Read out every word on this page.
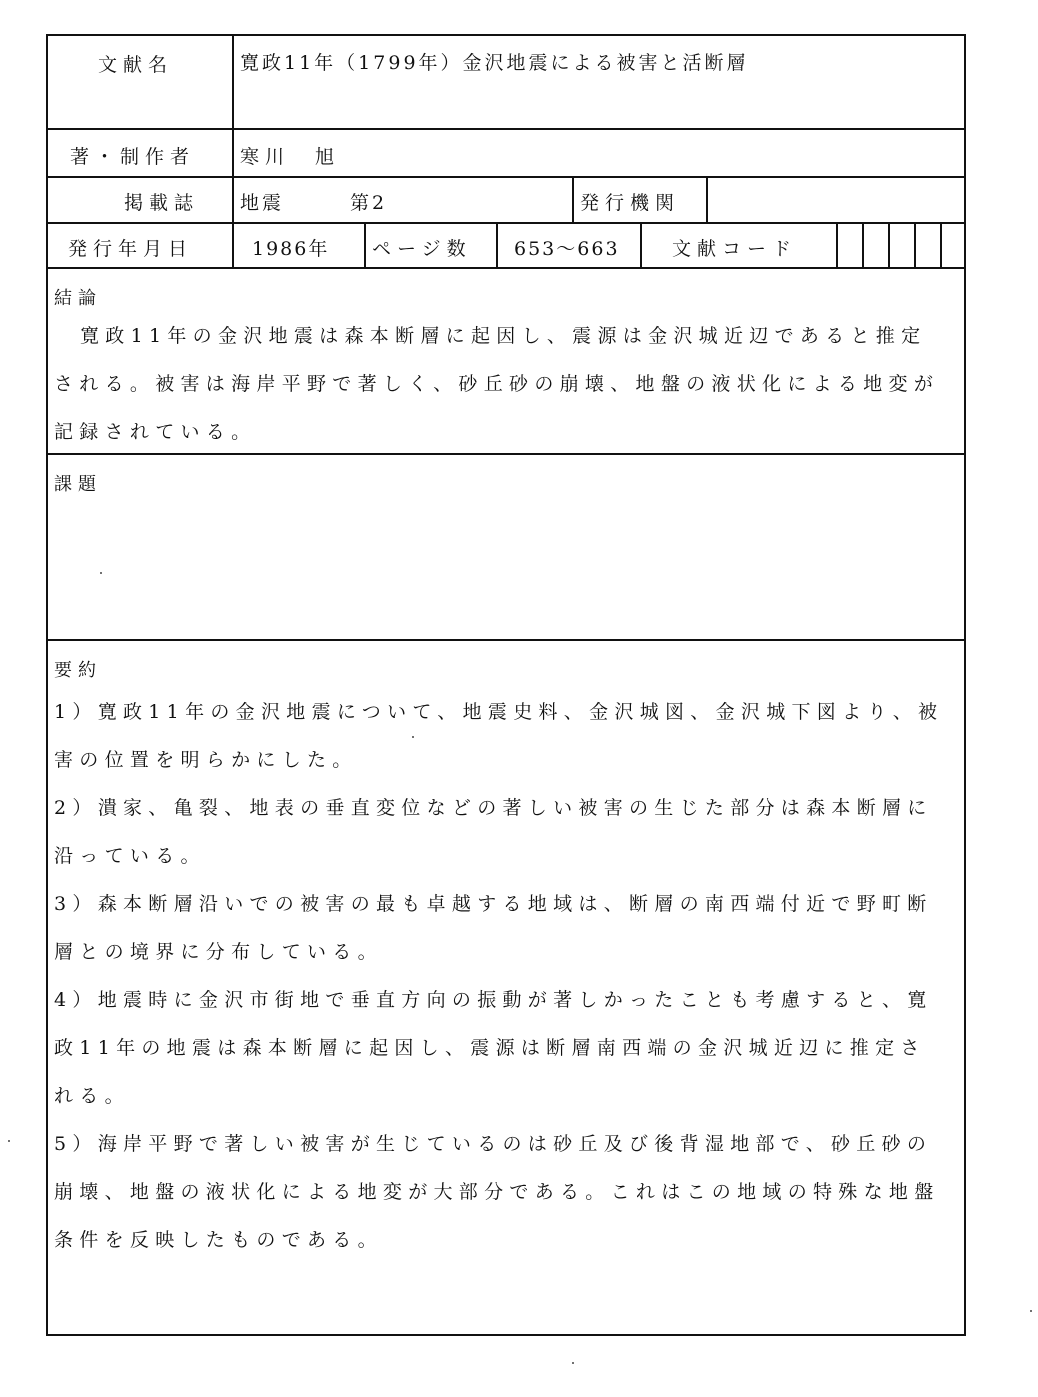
文献名	寛政11年（1799年）金沢地震による被害と活断層
著・制作者 寒川　旭
掲載誌 地震　　　第2	発行機関
発行年月日	1986年 ページ数 653～663	文献コード
結論

寛政11年の金沢地震は森本断層に起因し、震源は金沢城近辺であると推定される。被害は海岸平野で著しく、砂丘砂の崩壊、地盤の液状化による地変が記録されている。

課題

要約
1）寛政11年の金沢地震について、地震史料、金沢城図、金沢城下図より、被害の位置を明らかにした。
2）潰家、亀裂、地表の垂直変位などの著しい被害の生じた部分は森本断層に沿っている。
3）森本断層沿いでの被害の最も卓越する地域は、断層の南西端付近で野町断層との境界に分布している。
4）地震時に金沢市街地で垂直方向の振動が著しかったことも考慮すると、寛政11年の地震は森本断層に起因し、震源は断層南西端の金沢城近辺に推定される。
5）海岸平野で著しい被害が生じているのは砂丘及び後背湿地部で、砂丘砂の崩壊、地盤の液状化による地変が大部分である。これはこの地域の特殊な地盤条件を反映したものである。
